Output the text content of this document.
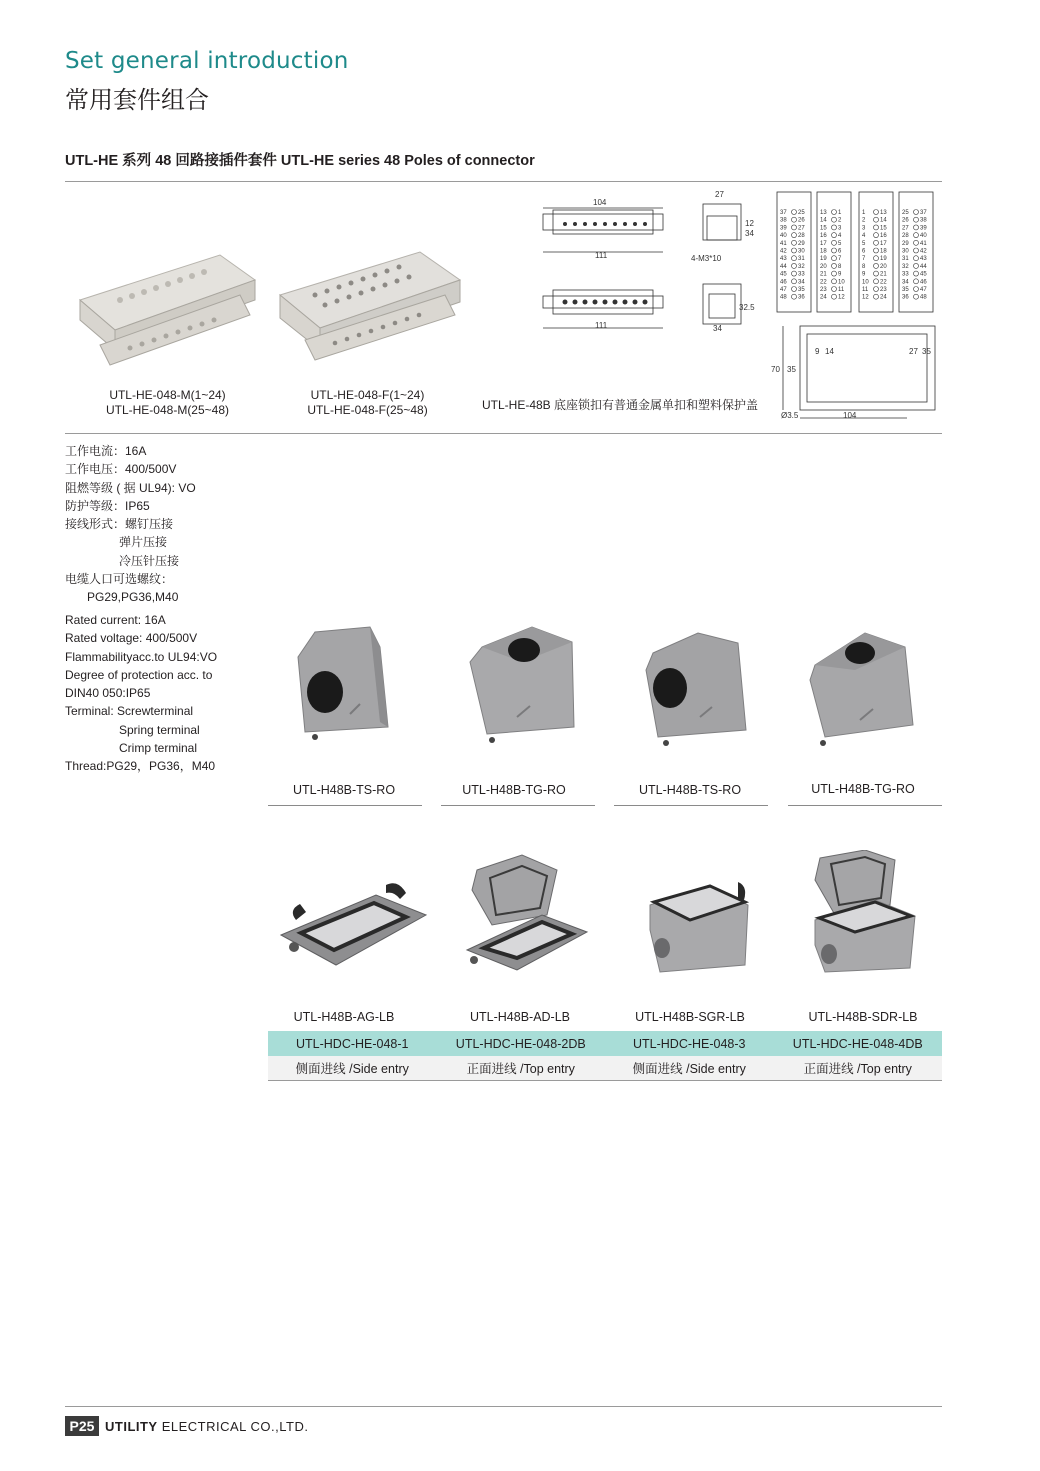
Set general introduction
常用套件组合
UTL-HE 系列 48 回路接插件套件 UTL-HE series 48 Poles of connector
104
111
111
27
4-M3*10
12
34
32.5
34
70 35
9 14	27 35
Ø3.5	104
37 25
38 26
39 27
40 28
41 29
42 30
43 31
44 32
45 33
46 34
47 35
48 36
13 1
14 2
15 3
16 4
17 5
18 6
19 7
20 8
21 9
22 10
23 11
24 12
1 13
2 14
3 15
4 16
5 17
6 18
7 19
8 20
9 21
10 22
11 23
12 24
25 37
26 38
27 39
28 40
29 41
30 42
31 43
32 44
33 45
34 46
35 47
36 48
UTL-HE-048-M(1~24)
UTL-HE-048-M(25~48)
UTL-HE-048-F(1~24)
UTL-HE-048-F(25~48)	UTL-HE-48B 底座锁扣有普通金属单扣和塑料保护盖
工作电流：16A
工作电压：400/500V
阻燃等级 ( 据 UL94): VO
防护等级：IP65
接线形式：螺钉压接
弹片压接
冷压针压接
电缆人口可选螺纹：
PG29,PG36,M40
Rated current: 16A
Rated voltage: 400/500V
Flammabilityacc.to UL94:VO
Degree of protection acc. to
DIN40 050:IP65
Terminal: Screwterminal
Spring terminal
Crimp terminal
Thread:PG29，PG36，M40
UTL-H48B-TS-RO	UTL-H48B-TG-RO	UTL-H48B-TS-RO	UTL-H48B-TG-RO
UTL-H48B-AG-LB	UTL-H48B-AD-LB	UTL-H48B-SGR-LB	UTL-H48B-SDR-LB
UTL-HDC-HE-048-1	UTL-HDC-HE-048-2DB	UTL-HDC-HE-048-3	UTL-HDC-HE-048-4DB
侧面进线 /Side entry	正面进线 /Top entry	侧面进线 /Side entry	正面进线 /Top entry
P25 UTILITY ELECTRICAL CO.,LTD.
